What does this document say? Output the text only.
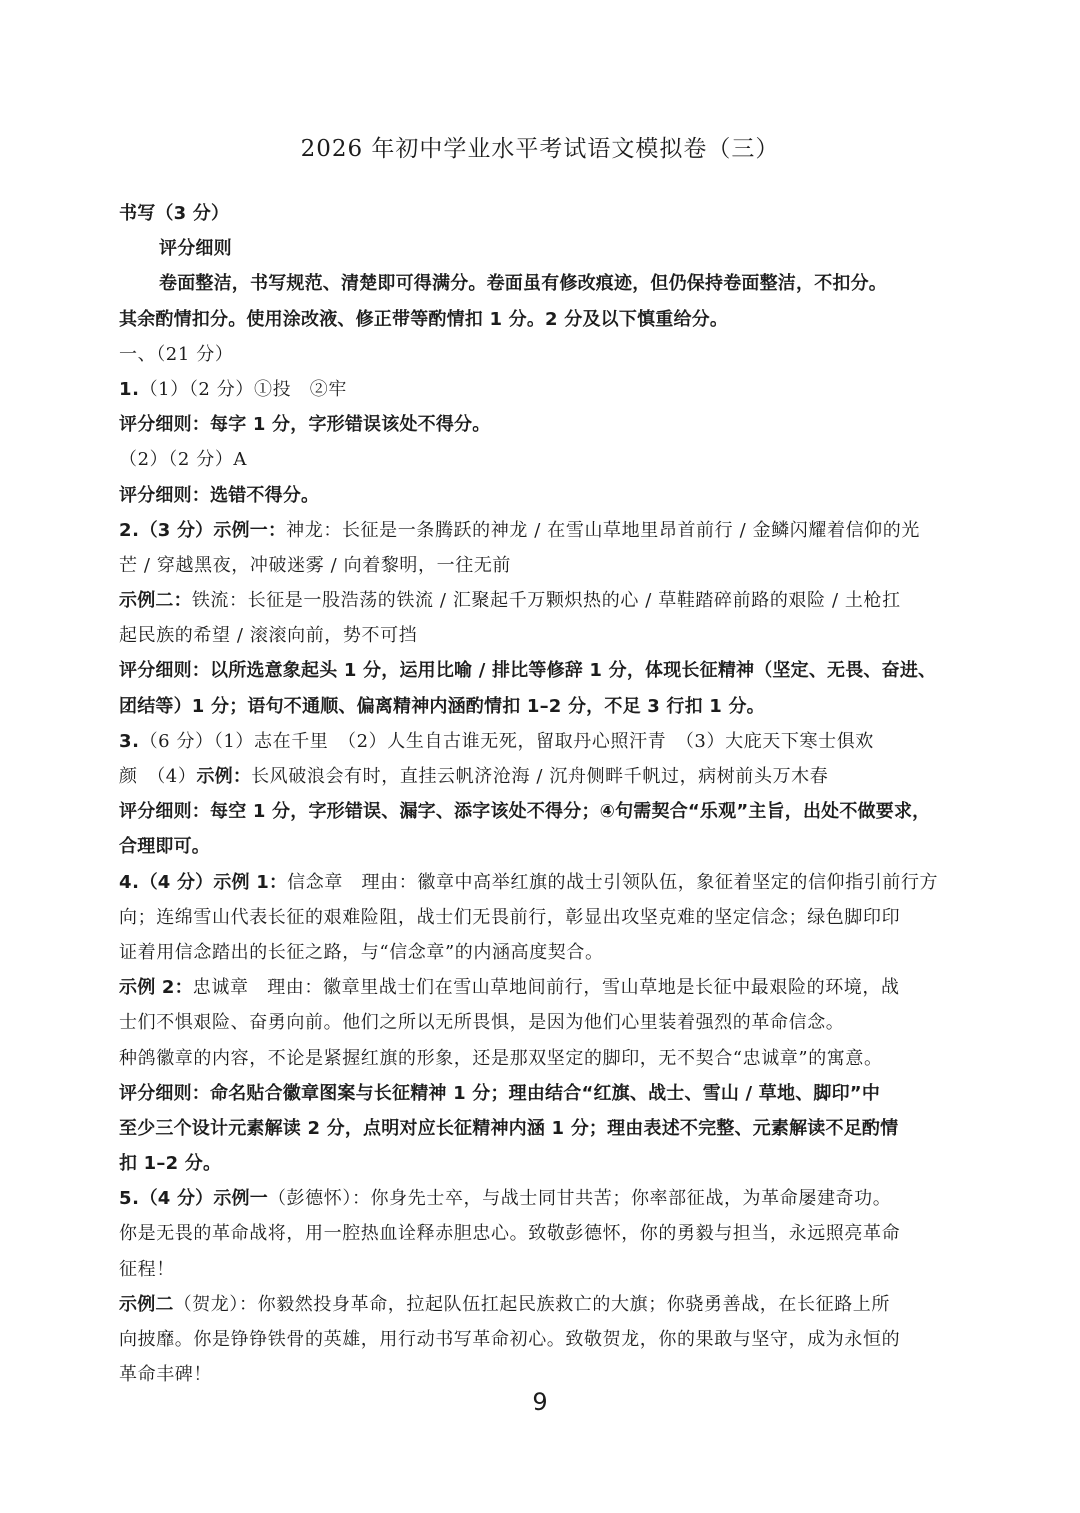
2026 年初中学业水平考试语文模拟卷（三）
书写（3 分）
评分细则
卷面整洁，书写规范、清楚即可得满分。卷面虽有修改痕迹，但仍保持卷面整洁，不扣分。
其余酌情扣分。使用涂改液、修正带等酌情扣 1 分。2 分及以下慎重给分。
一、（21 分）
1.（1）（2 分）①投　②牢
评分细则：每字 1 分，字形错误该处不得分。
（2）（2 分）A
评分细则：选错不得分。
2.（3 分）示例一：神龙：长征是一条腾跃的神龙 / 在雪山草地里昂首前行 / 金鳞闪耀着信仰的光
芒 / 穿越黑夜，冲破迷雾 / 向着黎明，一往无前
示例二：铁流：长征是一股浩荡的铁流 / 汇聚起千万颗炽热的心 / 草鞋踏碎前路的艰险 / 土枪扛
起民族的希望 / 滚滚向前，势不可挡
评分细则：以所选意象起头 1 分，运用比喻 / 排比等修辞 1 分，体现长征精神（坚定、无畏、奋进、
团结等）1 分；语句不通顺、偏离精神内涵酌情扣 1–2 分，不足 3 行扣 1 分。
3.（6 分）（1）志在千里　（2）人生自古谁无死，留取丹心照汗青　（3）大庇天下寒士俱欢
颜　（4）示例：长风破浪会有时，直挂云帆济沧海 / 沉舟侧畔千帆过，病树前头万木春
评分细则：每空 1 分，字形错误、漏字、添字该处不得分；④句需契合“乐观”主旨，出处不做要求，
合理即可。
4.（4 分）示例 1：信念章　理由：徽章中高举红旗的战士引领队伍，象征着坚定的信仰指引前行方
向；连绵雪山代表长征的艰难险阻，战士们无畏前行，彰显出攻坚克难的坚定信念；绿色脚印印
证着用信念踏出的长征之路，与“信念章”的内涵高度契合。
示例 2：忠诚章　理由：徽章里战士们在雪山草地间前行，雪山草地是长征中最艰险的环境，战
士们不惧艰险、奋勇向前。他们之所以无所畏惧，是因为他们心里装着强烈的革命信念。
种鸽徽章的内容，不论是紧握红旗的形象，还是那双坚定的脚印，无不契合“忠诚章”的寓意。
评分细则：命名贴合徽章图案与长征精神 1 分；理由结合“红旗、战士、雪山 / 草地、脚印”中
至少三个设计元素解读 2 分，点明对应长征精神内涵 1 分；理由表述不完整、元素解读不足酌情
扣 1–2 分。
5.（4 分）示例一（彭德怀）：你身先士卒，与战士同甘共苦；你率部征战，为革命屡建奇功。
你是无畏的革命战将，用一腔热血诠释赤胆忠心。致敬彭德怀，你的勇毅与担当，永远照亮革命
征程！
示例二（贺龙）：你毅然投身革命，拉起队伍扛起民族救亡的大旗；你骁勇善战，在长征路上所
向披靡。你是铮铮铁骨的英雄，用行动书写革命初心。致敬贺龙，你的果敢与坚守，成为永恒的
革命丰碑！
9
